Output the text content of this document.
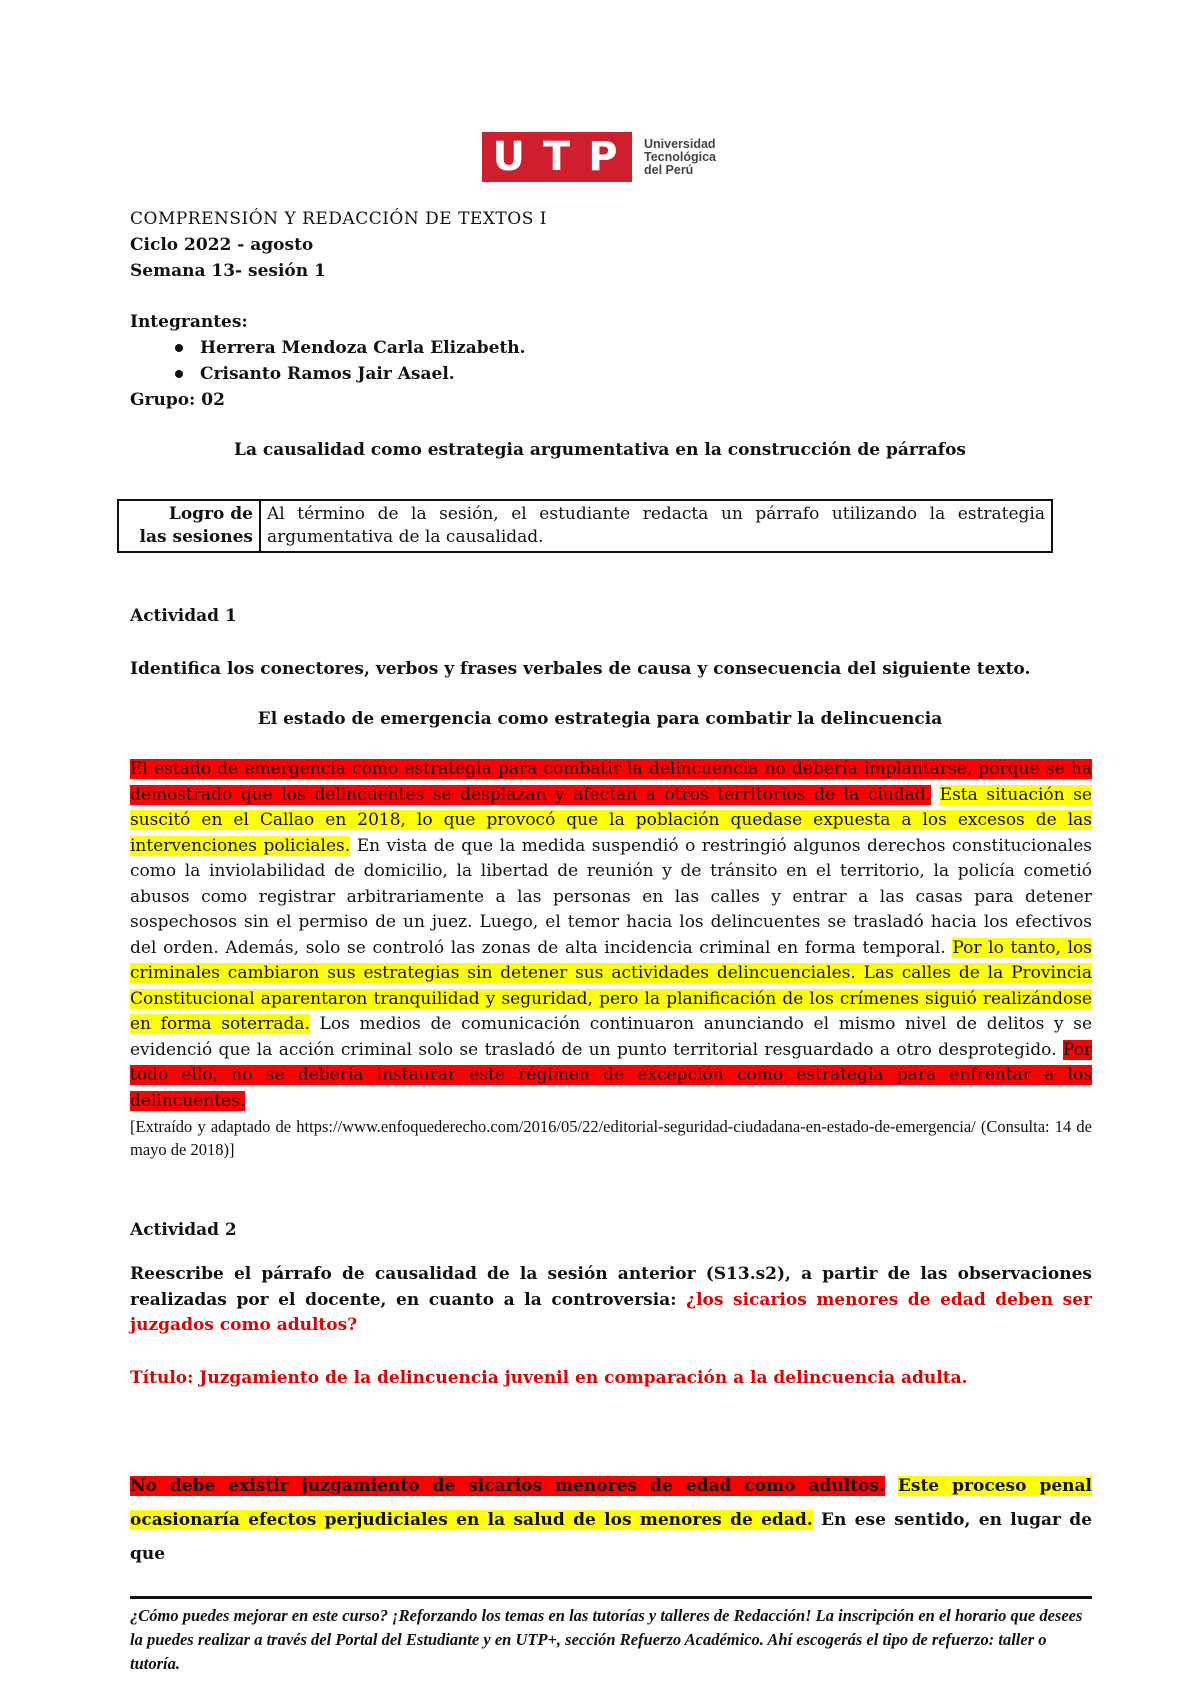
UTP Universidad
Tecnológica
del Perú
COMPRENSIÓN Y REDACCIÓN DE TEXTOS I
Ciclo 2022 - agosto
Semana 13- sesión 1
Integrantes:
Herrera Mendoza Carla Elizabeth.
Crisanto Ramos Jair Asael.
Grupo: 02
La causalidad como estrategia argumentativa en la construcción de párrafos
Logro de
las sesiones
	Al término de la sesión, el estudiante redacta un párrafo utilizando la estrategia argumentativa de la causalidad.
Actividad 1
Identifica los conectores, verbos y frases verbales de causa y consecuencia del siguiente texto.
El estado de emergencia como estrategia para combatir la delincuencia
El estado de emergencia como estrategia para combatir la delincuencia no debería implantarse, porque se ha demostrado que los delincuentes se desplazan y afectan a otros territorios de la ciudad. Esta situación se suscitó en el Callao en 2018, lo que provocó que la población quedase expuesta a los excesos de las intervenciones policiales. En vista de que la medida suspendió o restringió algunos derechos constitucionales como la inviolabilidad de domicilio, la libertad de reunión y de tránsito en el territorio, la policía cometió abusos como registrar arbitrariamente a las personas en las calles y entrar a las casas para detener sospechosos sin el permiso de un juez. Luego, el temor hacia los delincuentes se trasladó hacia los efectivos del orden. Además, solo se controló las zonas de alta incidencia criminal en forma temporal. Por lo tanto, los criminales cambiaron sus estrategias sin detener sus actividades delincuenciales. Las calles de la Provincia Constitucional aparentaron tranquilidad y seguridad, pero la planificación de los crímenes siguió realizándose en forma soterrada. Los medios de comunicación continuaron anunciando el mismo nivel de delitos y se evidenció que la acción criminal solo se trasladó de un punto territorial resguardado a otro desprotegido. Por todo ello, no se debería instaurar este régimen de excepción como estrategia para enfrentar a los delincuentes.
[Extraído y adaptado de https://www.enfoquederecho.com/2016/05/22/editorial-seguridad-ciudadana-en-estado-de-emergencia/ (Consulta: 14 de mayo de 2018)]
Actividad 2
Reescribe el párrafo de causalidad de la sesión anterior (S13.s2), a partir de las observaciones realizadas por el docente, en cuanto a la controversia: ¿los sicarios menores de edad deben ser juzgados como adultos?
Título: Juzgamiento de la delincuencia juvenil en comparación a la delincuencia adulta.
No debe existir juzgamiento de sicarios menores de edad como adultos. Este proceso penal ocasionaría efectos perjudiciales en la salud de los menores de edad. En ese sentido, en lugar de que
¿Cómo puedes mejorar en este curso? ¡Reforzando los temas en las tutorías y talleres de Redacción! La inscripción en el horario que desees la puedes realizar a través del Portal del Estudiante y en UTP+, sección Refuerzo Académico. Ahí escogerás el tipo de refuerzo: taller o tutoría.
